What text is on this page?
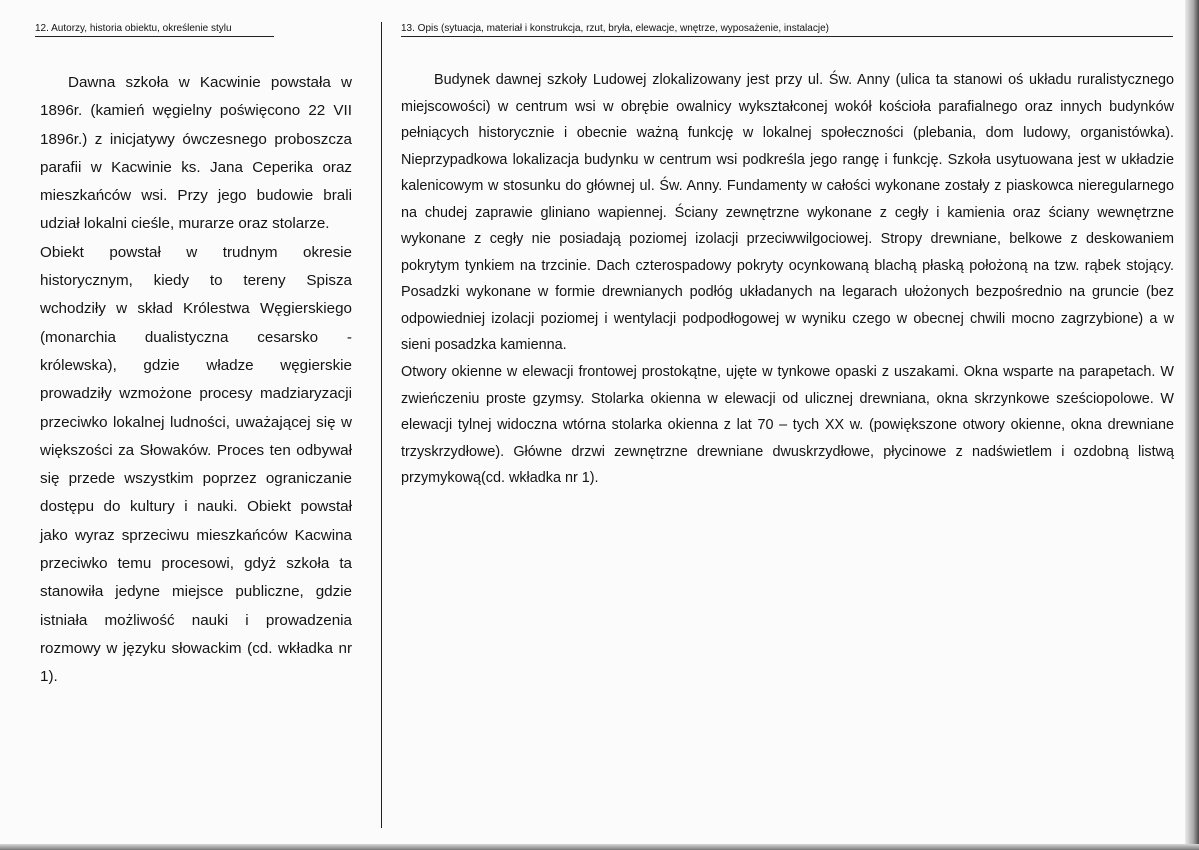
12. Autorzy, historia obiektu, określenie stylu	13. Opis (sytuacja, materiał i konstrukcja, rzut, bryła, elewacje, wnętrze, wyposażenie, instalacje)

Dawna szkoła w Kacwinie powstała w 1896r. (kamień węgielny poświęcono 22 VII 1896r.) z inicjatywy ówczesnego proboszcza parafii w Kacwinie ks. Jana Ceperika oraz mieszkańców wsi. Przy jego budowie brali udział lokalni cieśle, murarze oraz stolarze.

Obiekt powstał w trudnym okresie historycznym, kiedy to tereny Spisza wchodziły w skład Królestwa Węgierskiego (monarchia dualistyczna cesarsko - królewska), gdzie władze węgierskie prowadziły wzmożone procesy madziaryzacji przeciwko lokalnej ludności, uważającej się w większości za Słowaków. Proces ten odbywał się przede wszystkim poprzez ograniczanie dostępu do kultury i nauki. Obiekt powstał jako wyraz sprzeciwu mieszkańców Kacwina przeciwko temu procesowi, gdyż szkoła ta stanowiła jedyne miejsce publiczne, gdzie istniała możliwość nauki i prowadzenia rozmowy w języku słowackim (cd. wkładka nr 1).

Budynek dawnej szkoły Ludowej zlokalizowany jest przy ul. Św. Anny (ulica ta stanowi oś układu ruralistycznego miejscowości) w centrum wsi w obrębie owalnicy wykształconej wokół kościoła parafialnego oraz innych budynków pełniących historycznie i obecnie ważną funkcję w lokalnej społeczności (plebania, dom ludowy, organistówka). Nieprzypadkowa lokalizacja budynku w centrum wsi podkreśla jego rangę i funkcję. Szkoła usytuowana jest w układzie kalenicowym w stosunku do głównej ul. Św. Anny. Fundamenty w całości wykonane zostały z piaskowca nieregularnego na chudej zaprawie gliniano wapiennej. Ściany zewnętrzne wykonane z cegły i kamienia oraz ściany wewnętrzne wykonane z cegły nie posiadają poziomej izolacji przeciwwilgociowej. Stropy drewniane, belkowe z deskowaniem pokrytym tynkiem na trzcinie. Dach czterospadowy pokryty ocynkowaną blachą płaską położoną na tzw. rąbek stojący. Posadzki wykonane w formie drewnianych podłóg układanych na legarach ułożonych bezpośrednio na gruncie (bez odpowiedniej izolacji poziomej i wentylacji podpodłogowej w wyniku czego w obecnej chwili mocno zagrzybione) a w sieni posadzka kamienna.

Otwory okienne w elewacji frontowej prostokątne, ujęte w tynkowe opaski z uszakami. Okna wsparte na parapetach. W zwieńczeniu proste gzymsy. Stolarka okienna w elewacji od ulicznej drewniana, okna skrzynkowe sześciopolowe. W elewacji tylnej widoczna wtórna stolarka okienna z lat 70 – tych XX w. (powiększone otwory okienne, okna drewniane trzyskrzydłowe). Główne drzwi zewnętrzne drewniane dwuskrzydłowe, płycinowe z nadświetlem i ozdobną listwą przymykową(cd. wkładka nr 1).
